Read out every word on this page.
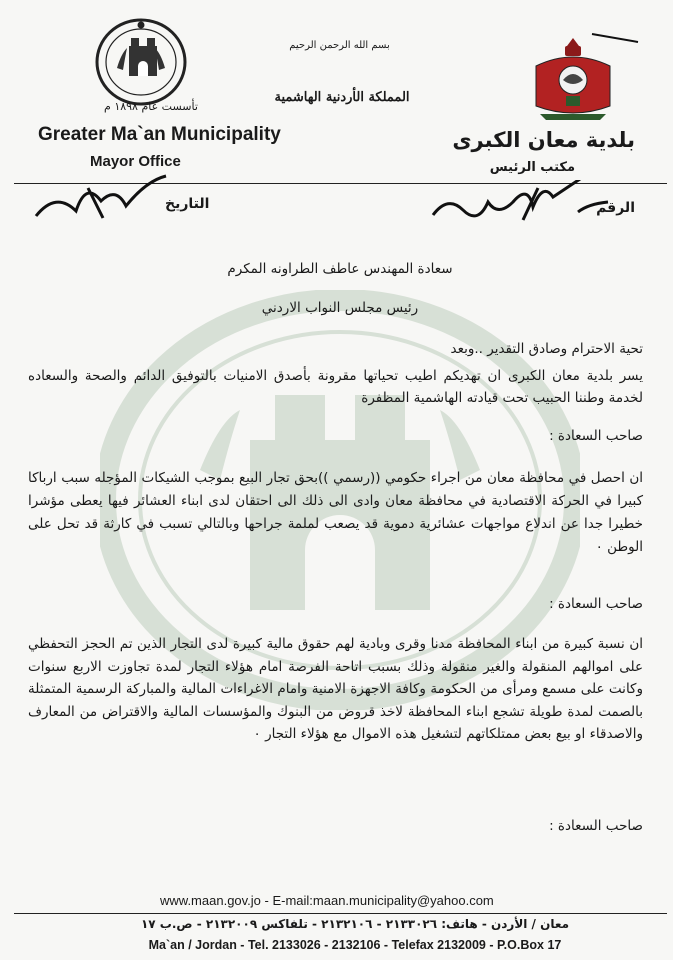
تأسست عام ١٨٩٨ م
Greater Ma`an Municipality
Mayor Office
بسم الله الرحمن الرحيم
المملكة الأردنية الهاشمية
بلدية معان الكبرى
مكتب الرئيس
الرقم
التاريخ
سعادة المهندس عاطف الطراونه المكرم
رئيس مجلس النواب الاردني
تحية الاحترام وصادق التقدير ..وبعد
يسر بلدية معان الكبرى ان تهديكم اطيب تحياتها مقرونة بأصدق الامنيات بالتوفيق الدائم والصحة والسعاده لخدمة وطننا الحبيب تحت قيادته الهاشمية المظفرة
صاحب السعادة :
ان احصل في محافظة معان من اجراء حكومي ((رسمي ))بحق تجار البيع بموجب الشيكات المؤجله سبب ارباكا كبيرا في الحركة الاقتصادية في محافظة معان وادى الى ذلك الى احتقان لدى ابناء العشائر فيها يعطى مؤشرا خطيرا جدا عن اندلاع مواجهات عشائرية دموية قد يصعب لملمة جراحها وبالتالي تسبب في كارثة قد تحل على الوطن ٠
صاحب السعادة :
ان نسبة كبيرة من ابناء المحافظة مدنا وقرى وبادية لهم حقوق مالية كبيرة لدى التجار الذين تم الحجز التحفظي على اموالهم المنقولة والغير منقولة وذلك بسبب اتاحة الفرصة امام هؤلاء التجار لمدة تجاوزت الاربع سنوات وكانت على مسمع ومرأى من الحكومة وكافة الاجهزة الامنية وامام الاغراءات المالية والمباركة الرسمية المتمثلة بالصمت لمدة طويلة تشجع ابناء المحافظة لاخذ قروض من البنوك والمؤسسات المالية والاقتراض من المعارف والاصدقاء او بيع بعض ممتلكاتهم لتشغيل هذه الاموال مع هؤلاء التجار ٠
صاحب السعادة :
www.maan.gov.jo - E-mail:maan.municipality@yahoo.com
معان / الأردن - هاتف: ٢١٣٣٠٢٦ - ٢١٣٢١٠٦ - تلفاكس ٢١٣٢٠٠٩ - ص.ب ١٧
Ma`an / Jordan - Tel. 2133026 - 2132106 - Telefax 2132009 - P.O.Box 17
